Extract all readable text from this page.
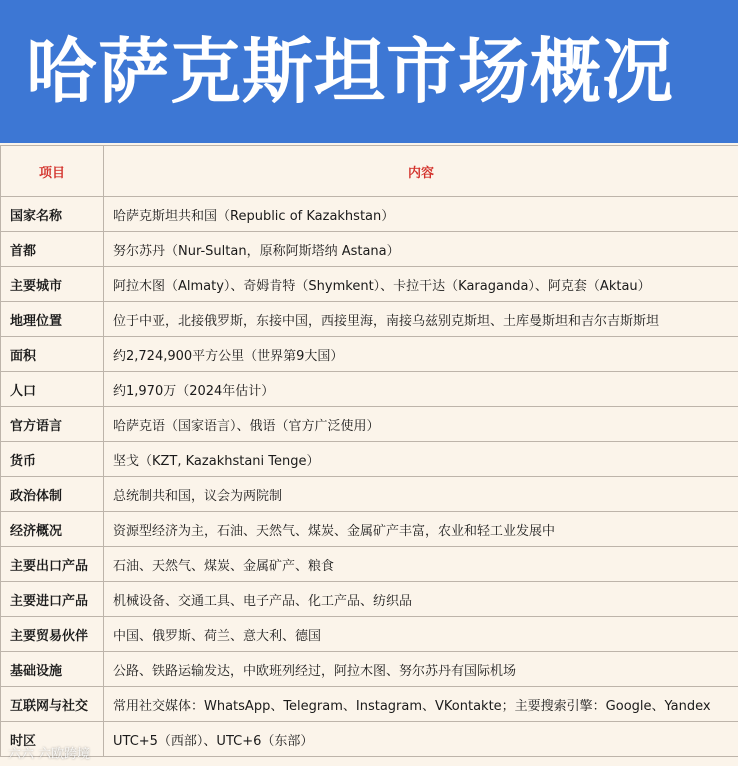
哈萨克斯坦市场概况
项目	内容
国家名称	哈萨克斯坦共和国（Republic of Kazakhstan）
首都	努尔苏丹（Nur-Sultan，原称阿斯塔纳 Astana）
主要城市	阿拉木图（Almaty）、奇姆肯特（Shymkent）、卡拉干达（Karaganda）、阿克套（Aktau）
地理位置	位于中亚，北接俄罗斯，东接中国，西接里海，南接乌兹别克斯坦、土库曼斯坦和吉尔吉斯斯坦
面积	约2,724,900平方公里（世界第9大国）
人口	约1,970万（2024年估计）
官方语言	哈萨克语（国家语言）、俄语（官方广泛使用）
货币	坚戈（KZT, Kazakhstani Tenge）
政治体制	总统制共和国，议会为两院制
经济概况	资源型经济为主，石油、天然气、煤炭、金属矿产丰富，农业和轻工业发展中
主要出口产品	石油、天然气、煤炭、金属矿产、粮食
主要进口产品	机械设备、交通工具、电子产品、化工产品、纺织品
主要贸易伙伴	中国、俄罗斯、荷兰、意大利、德国
基础设施	公路、铁路运输发达，中欧班列经过，阿拉木图、努尔苏丹有国际机场
互联网与社交	常用社交媒体：WhatsApp、Telegram、Instagram、VKontakte；主要搜索引擎：Google、Yandex
时区	UTC+5（西部）、UTC+6（东部）
六六 六欧跨境
